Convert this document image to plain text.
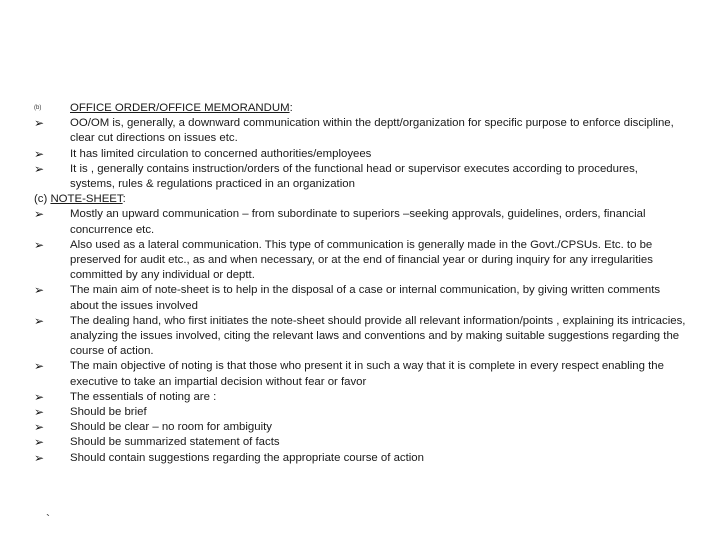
(b)	OFFICE ORDER/OFFICE MEMORANDUM:
➢	OO/OM is, generally, a downward communication within the deptt/organization for specific purpose to enforce discipline, clear cut directions on issues etc.
➢	It has limited circulation to concerned authorities/employees
➢	It is , generally contains instruction/orders of the functional head or supervisor executes according to procedures, systems, rules & regulations practiced in an organization
(c) NOTE-SHEET:
➢	Mostly an upward communication – from subordinate to superiors –seeking approvals, guidelines, orders, financial concurrence etc.
➢	Also used as a lateral communication. This type of communication is generally made in the Govt./CPSUs. Etc. to be preserved for audit etc., as and when necessary, or at the end of financial year or during inquiry for any irregularities committed by any individual or deptt.
➢	The main aim of note-sheet is to help in the disposal of a case or internal communication, by giving written comments about the issues involved
➢	The dealing hand, who first initiates the note-sheet should provide all relevant information/points , explaining its intricacies, analyzing the issues involved, citing the relevant laws and conventions and by making suitable suggestions regarding the course of action.
➢	The main objective of noting is that those who present it in such a way that it is complete in every respect enabling the executive to take an impartial decision without fear or favor
➢	The essentials of noting are :
➢	Should be brief
➢	Should be clear – no room for ambiguity
➢	Should be summarized statement of facts
➢	Should contain suggestions regarding the appropriate course of action
`
